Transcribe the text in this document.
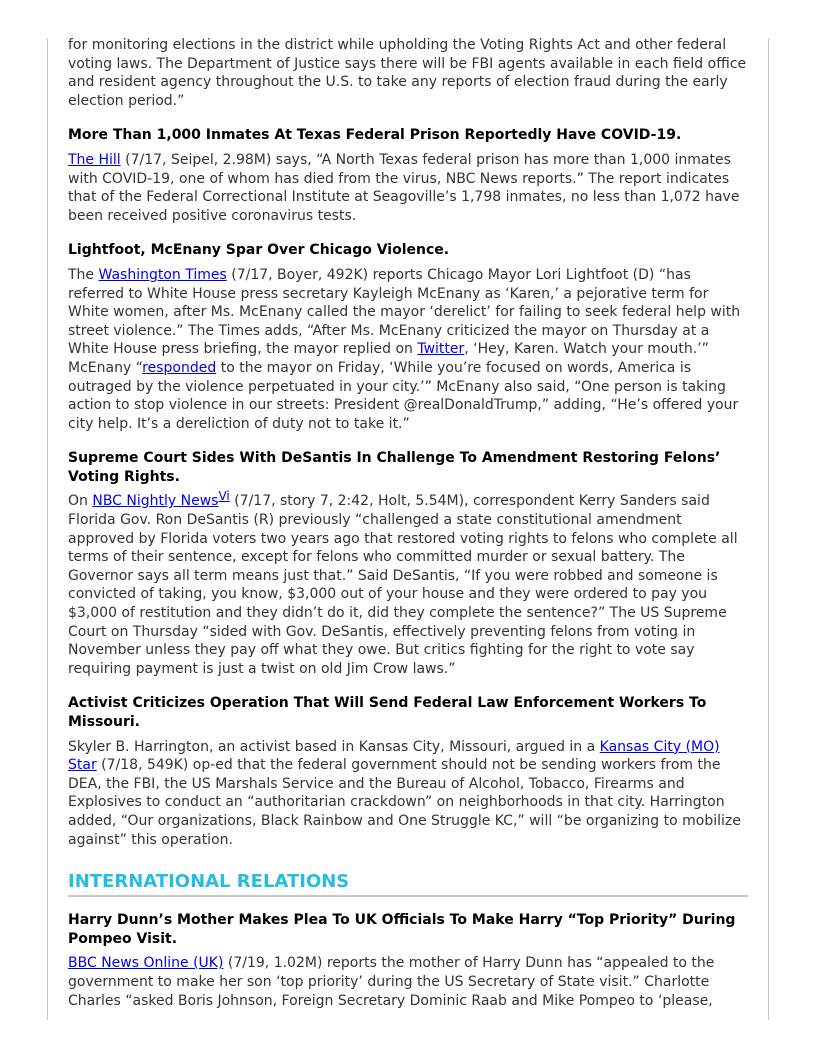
for monitoring elections in the district while upholding the Voting Rights Act and other federal voting laws. The Department of Justice says there will be FBI agents available in each field office and resident agency throughout the U.S. to take any reports of election fraud during the early election period.”

More Than 1,000 Inmates At Texas Federal Prison Reportedly Have COVID-19.

The Hill (7/17, Seipel, 2.98M) says, “A North Texas federal prison has more than 1,000 inmates with COVID-19, one of whom has died from the virus, NBC News reports.” The report indicates that of the Federal Correctional Institute at Seagoville’s 1,798 inmates, no less than 1,072 have been received positive coronavirus tests.

Lightfoot, McEnany Spar Over Chicago Violence.

The Washington Times (7/17, Boyer, 492K) reports Chicago Mayor Lori Lightfoot (D) “has referred to White House press secretary Kayleigh McEnany as ‘Karen,’ a pejorative term for White women, after Ms. McEnany called the mayor ‘derelict’ for failing to seek federal help with street violence.” The Times adds, “After Ms. McEnany criticized the mayor on Thursday at a White House press briefing, the mayor replied on Twitter, ‘Hey, Karen. Watch your mouth.’” McEnany “responded to the mayor on Friday, ‘While you’re focused on words, America is outraged by the violence perpetuated in your city.’” McEnany also said, “One person is taking action to stop violence in our streets: President @realDonaldTrump,” adding, “He’s offered your city help. It’s a dereliction of duty not to take it.”

Supreme Court Sides With DeSantis In Challenge To Amendment Restoring Felons’ Voting Rights.

On NBC Nightly News$^{Vi}$ (7/17, story 7, 2:42, Holt, 5.54M), correspondent Kerry Sanders said Florida Gov. Ron DeSantis (R) previously “challenged a state constitutional amendment approved by Florida voters two years ago that restored voting rights to felons who complete all terms of their sentence, except for felons who committed murder or sexual battery. The Governor says all term means just that.” Said DeSantis, “If you were robbed and someone is convicted of taking, you know, $3,000 out of your house and they were ordered to pay you $3,000 of restitution and they didn’t do it, did they complete the sentence?” The US Supreme Court on Thursday “sided with Gov. DeSantis, effectively preventing felons from voting in November unless they pay off what they owe. But critics fighting for the right to vote say requiring payment is just a twist on old Jim Crow laws.”

Activist Criticizes Operation That Will Send Federal Law Enforcement Workers To Missouri.

Skyler B. Harrington, an activist based in Kansas City, Missouri, argued in a Kansas City (MO) Star (7/18, 549K) op-ed that the federal government should not be sending workers from the DEA, the FBI, the US Marshals Service and the Bureau of Alcohol, Tobacco, Firearms and Explosives to conduct an “authoritarian crackdown” on neighborhoods in that city. Harrington added, “Our organizations, Black Rainbow and One Struggle KC,” will “be organizing to mobilize against” this operation.

INTERNATIONAL RELATIONS
Harry Dunn’s Mother Makes Plea To UK Officials To Make Harry “Top Priority” During Pompeo Visit.

BBC News Online (UK) (7/19, 1.02M) reports the mother of Harry Dunn has “appealed to the government to make her son ‘top priority’ during the US Secretary of State visit.” Charlotte Charles “asked Boris Johnson, Foreign Secretary Dominic Raab and Mike Pompeo to ‘please,
